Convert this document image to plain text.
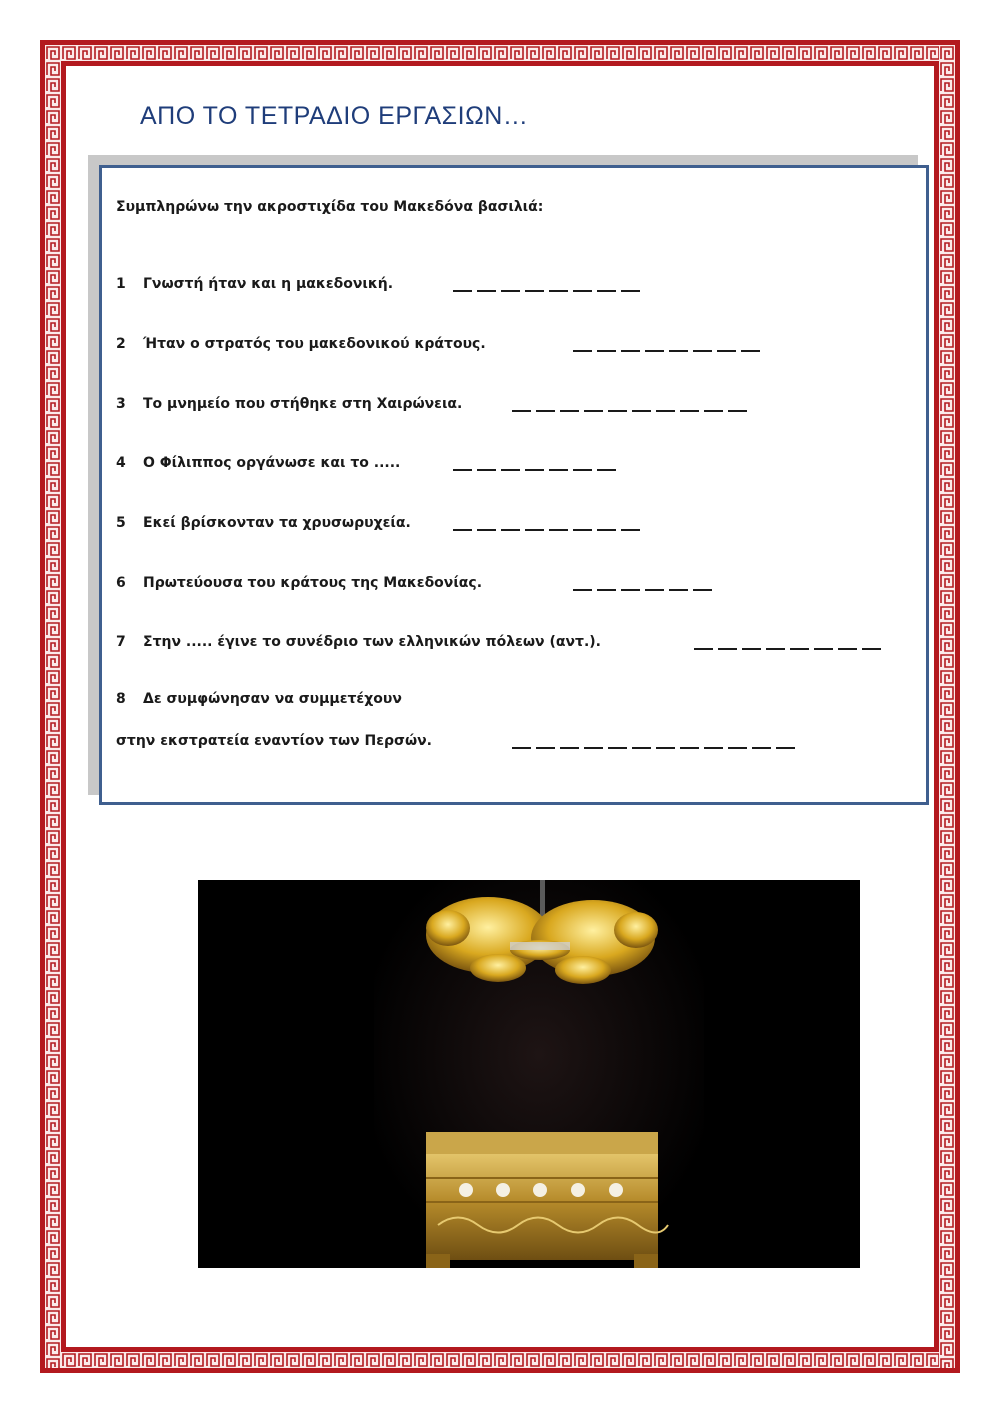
ΑΠΟ ΤΟ ΤΕΤΡΑΔΙΟ ΕΡΓΑΣΙΩΝ…

Συμπληρώνω την ακροστιχίδα του Μακεδόνα βασιλιά:

1 Γνωστή ήταν και η μακεδονική.
2 Ήταν ο στρατός του μακεδονικού κράτους.
3 Το μνημείο που στήθηκε στη Χαιρώνεια.
4 Ο Φίλιππος οργάνωσε και το .....
5 Εκεί βρίσκονταν τα χρυσωρυχεία.
6 Πρωτεύουσα του κράτους της Μακεδονίας.
7 Στην ..... έγινε το συνέδριο των ελληνικών πόλεων (αντ.).
8 Δε συμφώνησαν να συμμετέχουν
στην εκστρατεία εναντίον των Περσών.
